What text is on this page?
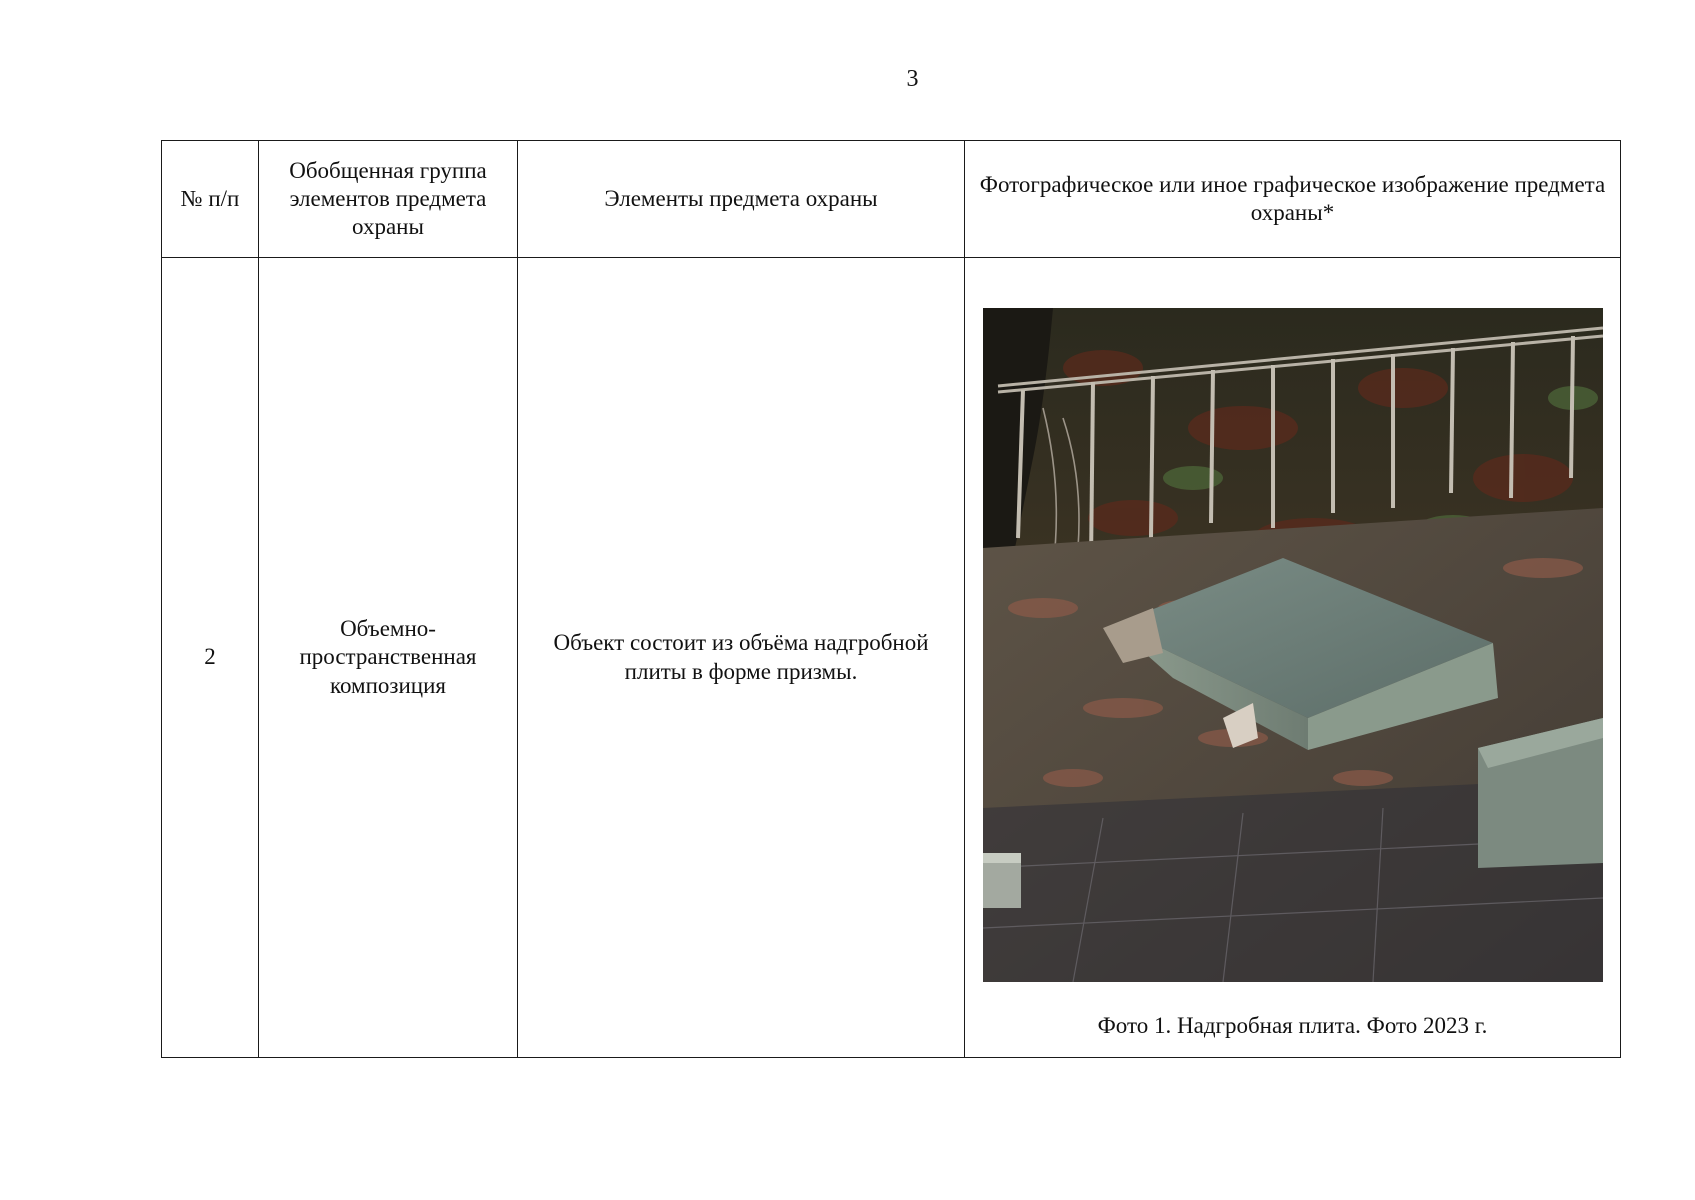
3
№ п/п	Обобщенная группа элементов предмета охраны	Элементы предмета охраны	Фотографическое или иное графическое изображение предмета охраны*
2	Объемно-пространственная композиция	Объект состоит из объёма надгробной плиты в форме призмы.	Фото 1. Надгробная плита. Фото 2023 г.
